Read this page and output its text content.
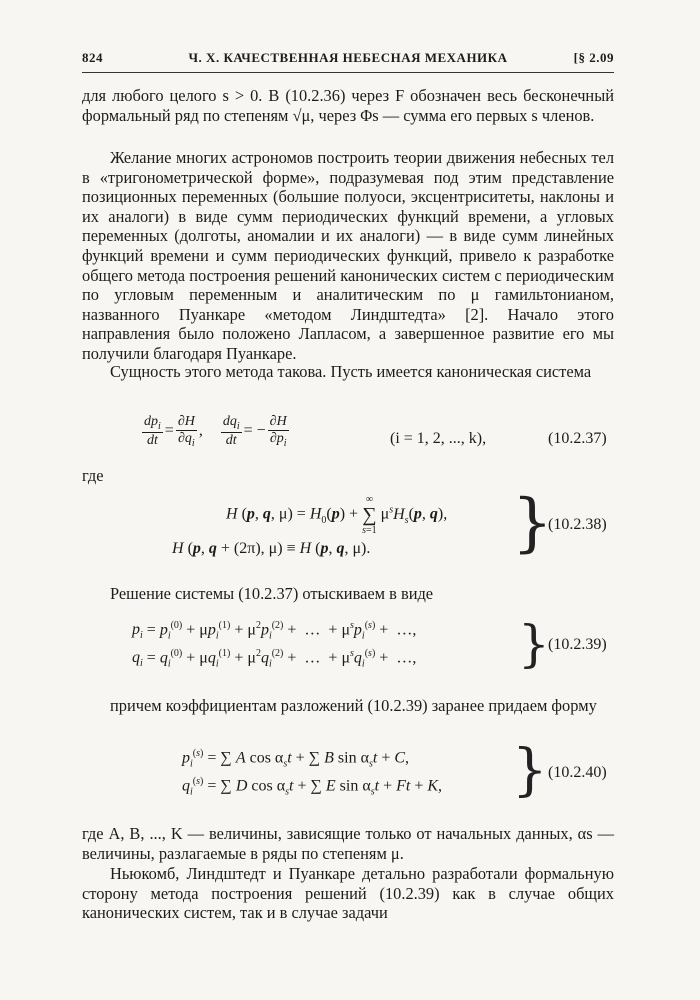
824	Ч. X. КАЧЕСТВЕННАЯ НЕБЕСНАЯ МЕХАНИКА	[§ 2.09

для любого целого s > 0. В (10.2.36) через F обозначен весь бесконечный формальный ряд по степеням √μ, через Φs — сумма его первых s членов.

Желание многих астрономов построить теории движения небесных тел в «тригонометрической форме», подразумевая под этим представление позиционных переменных (большие полуоси, эксцентриситеты, наклоны и их аналоги) в виде сумм периодических функций времени, а угловых переменных (долготы, аномалии и их аналоги) — в виде сумм линейных функций времени и сумм периодических функций, привело к разработке общего метода построения решений канонических систем с периодическим по угловым переменным и аналитическим по μ гамильтонианом, названного Пуанкаре «методом Линдштедта» [2]. Начало этого направления было положено Лапласом, а завершенное развитие его мы получили благодаря Пуанкаре.

Сущность этого метода такова. Пусть имеется каноническая система

$\frac{dp_i}{dt} = \frac{\partial H}{\partial q_i}$ , $\frac{dq_i}{dt}$ = − $\frac{\partial H}{\partial p_i}$	(i = 1, 2, ..., k),	(10.2.37)

где

H (p, q, $\mu) = H_0(p)$ +
∞
∑
s=1
$\mu^sH_s(p$, q),
H (p, q + (2π), μ) ≡ H (p, q, μ). }
(10.2.38)

Решение системы (10.2.37) отыскиваем в виде

$p_i = p_i^{(0)} + \mu p_i^{(1)} + \mu^2p_i^{(2)}$ +  …  + $\mu^sp_i^{(s)}$ +  …,
$q_i = q_i^{(0)} + \mu q_i^{(1)} + \mu^2q_i^{(2)}$ +  …  + $\mu^sq_i^{(s)}$ +  …, }
(10.2.39)

причем коэффициентам разложений (10.2.39) заранее придаем форму

$p_i^{(s)}$ = ∑ A $\cos \alpha_st$ + ∑ B $\sin \alpha_st + C$,
$q_i^{(s)}$ = ∑ D $\cos \alpha_st$ + ∑ E $\sin \alpha_st + Ft + K$, } (10.2.40)

где A, B, ..., K — величины, зависящие только от начальных данных, αs — величины, разлагаемые в ряды по степеням μ.

Ньюкомб, Линдштедт и Пуанкаре детально разработали формальную сторону метода построения решений (10.2.39) как в случае общих канонических систем, так и в случае задачи
